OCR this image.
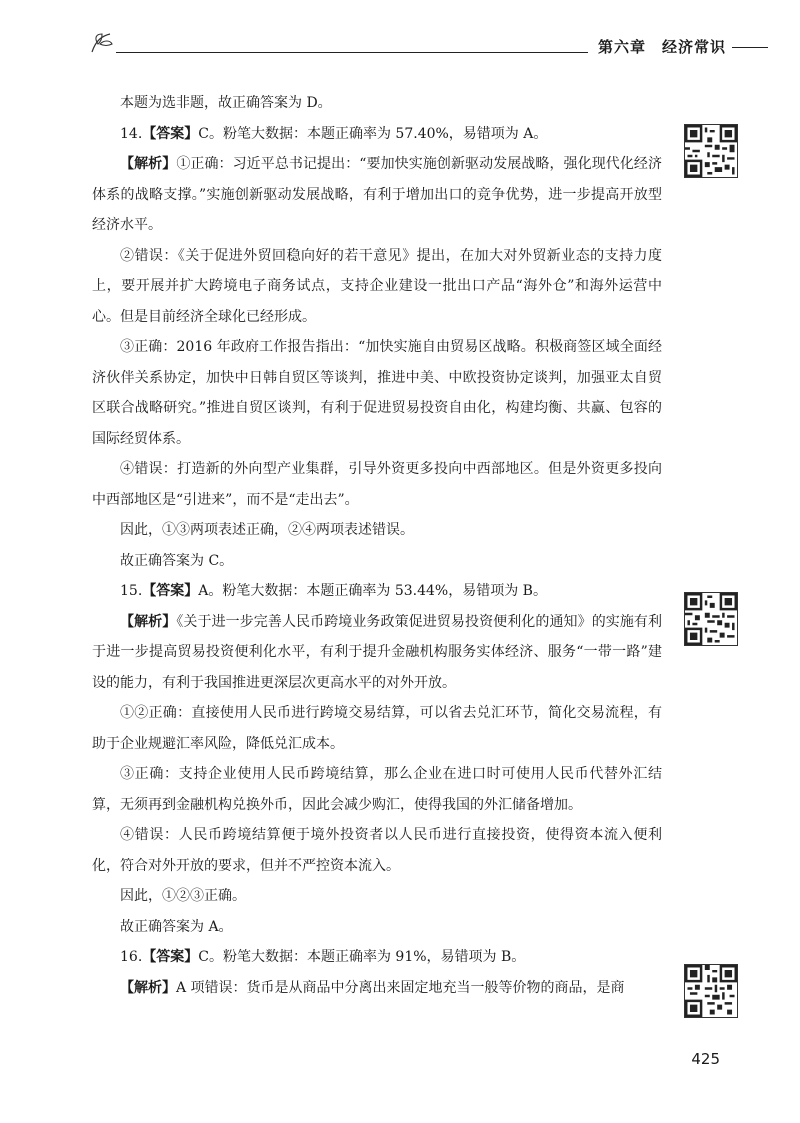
第六章 经济常识

本题为选非题，故正确答案为 D。

14.【答案】C。粉笔大数据：本题正确率为 57.40%，易错项为 A。

【解析】①正确：习近平总书记提出：“要加快实施创新驱动发展战略，强化现代化经济体系的战略支撑。”实施创新驱动发展战略，有利于增加出口的竞争优势，进一步提高开放型经济水平。

②错误：《关于促进外贸回稳向好的若干意见》提出，在加大对外贸新业态的支持力度上，要开展并扩大跨境电子商务试点，支持企业建设一批出口产品“海外仓”和海外运营中心。但是目前经济全球化已经形成。

③正确：2016 年政府工作报告指出：“加快实施自由贸易区战略。积极商签区域全面经济伙伴关系协定，加快中日韩自贸区等谈判，推进中美、中欧投资协定谈判，加强亚太自贸区联合战略研究。”推进自贸区谈判，有利于促进贸易投资自由化，构建均衡、共赢、包容的国际经贸体系。

④错误：打造新的外向型产业集群，引导外资更多投向中西部地区。但是外资更多投向中西部地区是“引进来”，而不是“走出去”。

因此，①③两项表述正确，②④两项表述错误。

故正确答案为 C。

15.【答案】A。粉笔大数据：本题正确率为 53.44%，易错项为 B。

【解析】《关于进一步完善人民币跨境业务政策促进贸易投资便利化的通知》的实施有利于进一步提高贸易投资便利化水平，有利于提升金融机构服务实体经济、服务“一带一路”建设的能力，有利于我国推进更深层次更高水平的对外开放。

①②正确：直接使用人民币进行跨境交易结算，可以省去兑汇环节，简化交易流程，有助于企业规避汇率风险，降低兑汇成本。

③正确：支持企业使用人民币跨境结算，那么企业在进口时可使用人民币代替外汇结算，无须再到金融机构兑换外币，因此会减少购汇，使得我国的外汇储备增加。

④错误：人民币跨境结算便于境外投资者以人民币进行直接投资，使得资本流入便利化，符合对外开放的要求，但并不严控资本流入。

因此，①②③正确。

故正确答案为 A。

16.【答案】C。粉笔大数据：本题正确率为 91%，易错项为 B。

【解析】A 项错误：货币是从商品中分离出来固定地充当一般等价物的商品，是商

425
